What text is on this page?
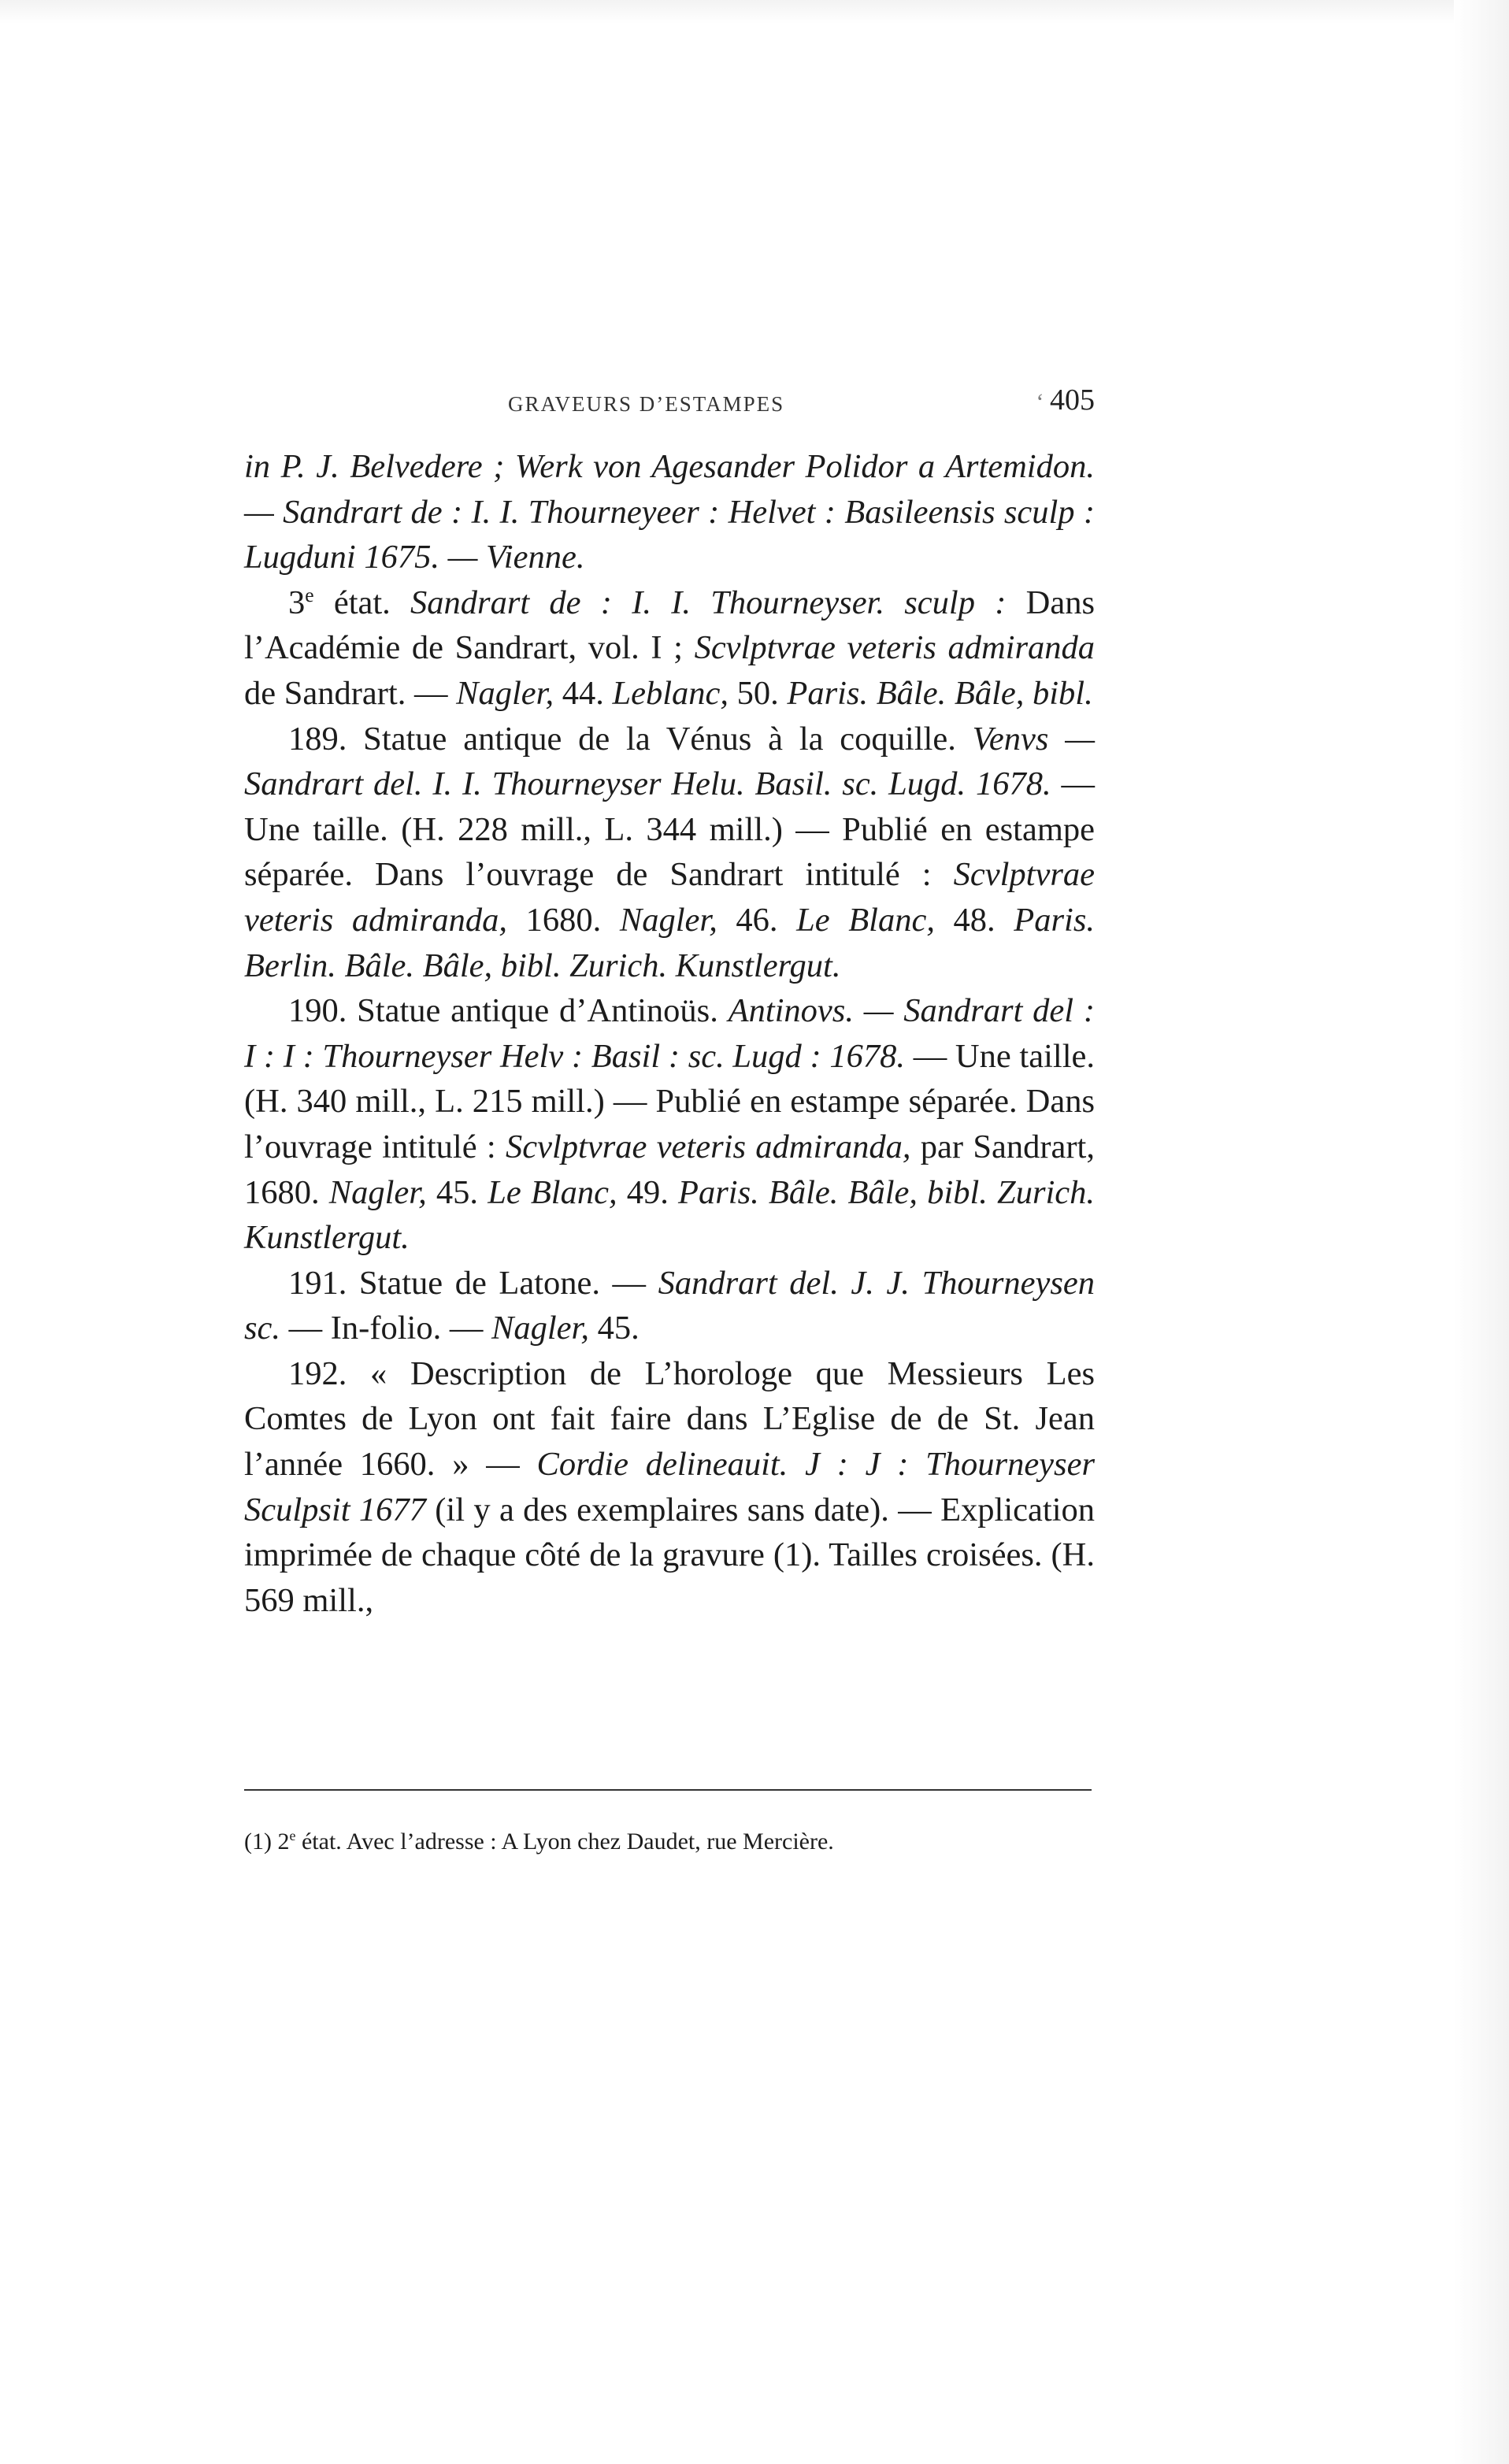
GRAVEURS D’ESTAMPES
‘	405

in P. J. Belvedere ; Werk von Agesander Polidor a Artemidon. — Sandrart de : I. I. Thourneyeer : Helvet : Basileensis sculp : Lugduni 1675. — Vienne.

3e état. Sandrart de : I. I. Thourneyser. sculp : Dans l’Académie de Sandrart, vol. I ; Scvlptvrae veteris admiranda de Sandrart. — Nagler, 44. Leblanc, 50. Paris. Bâle. Bâle, bibl.

189. Statue antique de la Vénus à la coquille. Venvs — Sandrart del. I. I. Thourneyser Helu. Basil. sc. Lugd. 1678. — Une taille. (H. 228 mill., L. 344 mill.) — Publié en estampe séparée. Dans l’ouvrage de Sandrart intitulé : Scvlptvrae veteris admiranda, 1680. Nagler, 46. Le Blanc, 48. Paris. Berlin. Bâle. Bâle, bibl. Zurich. Kunstlergut.

190. Statue antique d’Antinoüs. Antinovs. — Sandrart del : I : I : Thourneyser Helv : Basil : sc. Lugd : 1678. — Une taille. (H. 340 mill., L. 215 mill.) — Publié en estampe séparée. Dans l’ouvrage intitulé : Scvlptvrae veteris admiranda, par Sandrart, 1680. Nagler, 45. Le Blanc, 49. Paris. Bâle. Bâle, bibl. Zurich. Kunstlergut.

191. Statue de Latone. — Sandrart del. J. J. Thourneysen sc. — In-folio. — Nagler, 45.

192. « Description de L’horologe que Messieurs Les Comtes de Lyon ont fait faire dans L’Eglise de de St. Jean l’année 1660. » — Cordie delineauit. J : J : Thourneyser Sculpsit 1677 (il y a des exemplaires sans date). — Explication imprimée de chaque côté de la gravure (1). Tailles croisées. (H. 569 mill.,

(1) 2e état. Avec l’adresse : A Lyon chez Daudet, rue Mercière.
